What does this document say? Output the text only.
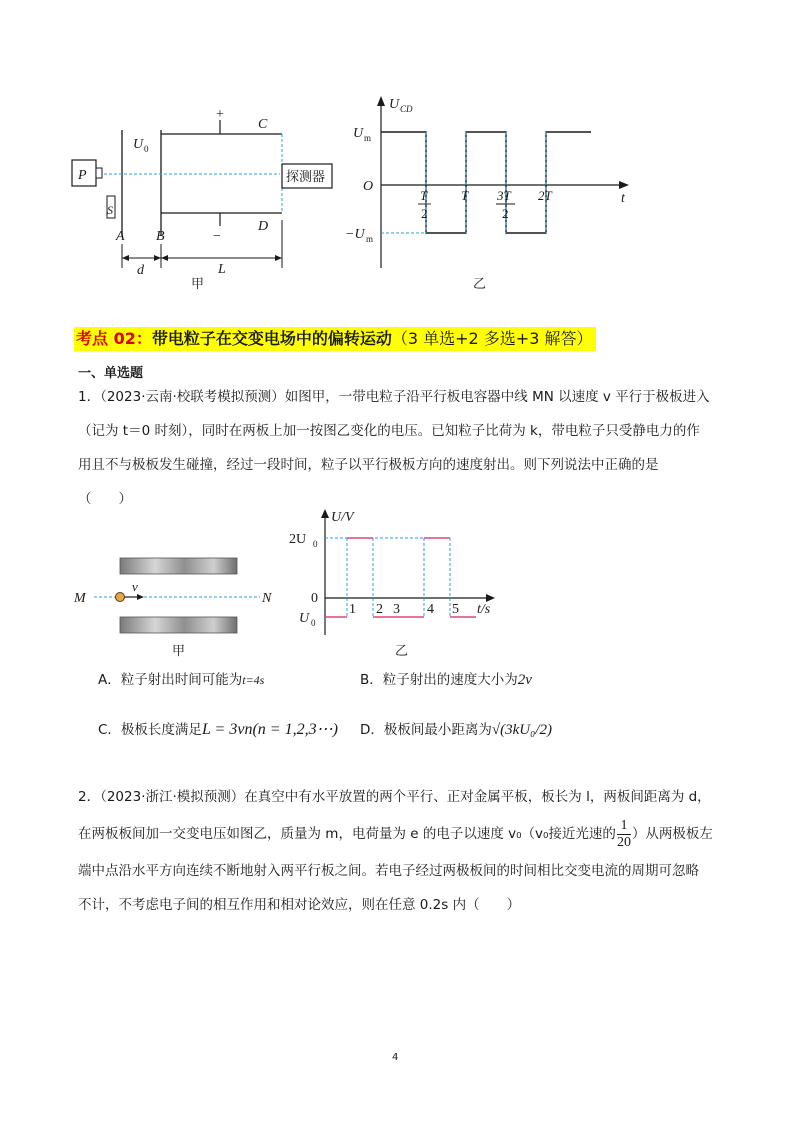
P
S
探测器
+
−
U 0
C
D
A B
d	L
甲
U CD
U m
O
−U m
T
2
T 3T
2
2T	t
乙
考点 02：带电粒子在交变电场中的偏转运动（3 单选+2 多选+3 解答）
一、单选题
1．（2023·云南·校联考模拟预测）如图甲，一带电粒子沿平行板电容器中线 MN 以速度 v 平行于极板进入
（记为 t＝0 时刻），同时在两板上加一按图乙变化的电压。已知粒子比荷为 k，带电粒子只受静电力的作
用且不与极板发生碰撞，经过一段时间，粒子以平行极板方向的速度射出。则下列说法中正确的是
（　　）
M
v
N
甲
U/V
2U 0
0
U 0
1 2 3 4 5 t/s
乙
A．粒子射出时间可能为t=4s	B．粒子射出的速度大小为2v
C．极板长度满足L = 3vn(n = 1,2,3⋯) D．极板间最小距离为√(3kU₀/2)
2．（2023·浙江·模拟预测）在真空中有水平放置的两个平行、正对金属平板，板长为 l，两板间距离为 d，
在两板板间加一交变电压如图乙，质量为 m，电荷量为 e 的电子以速度 v₀（v₀接近光速的 $\frac{1}{20}$ ）从两极板左
端中点沿水平方向连续不断地射入两平行板之间。若电子经过两极板间的时间相比交变电流的周期可忽略
不计，不考虑电子间的相互作用和相对论效应，则在任意 0.2s 内（　　）
4
